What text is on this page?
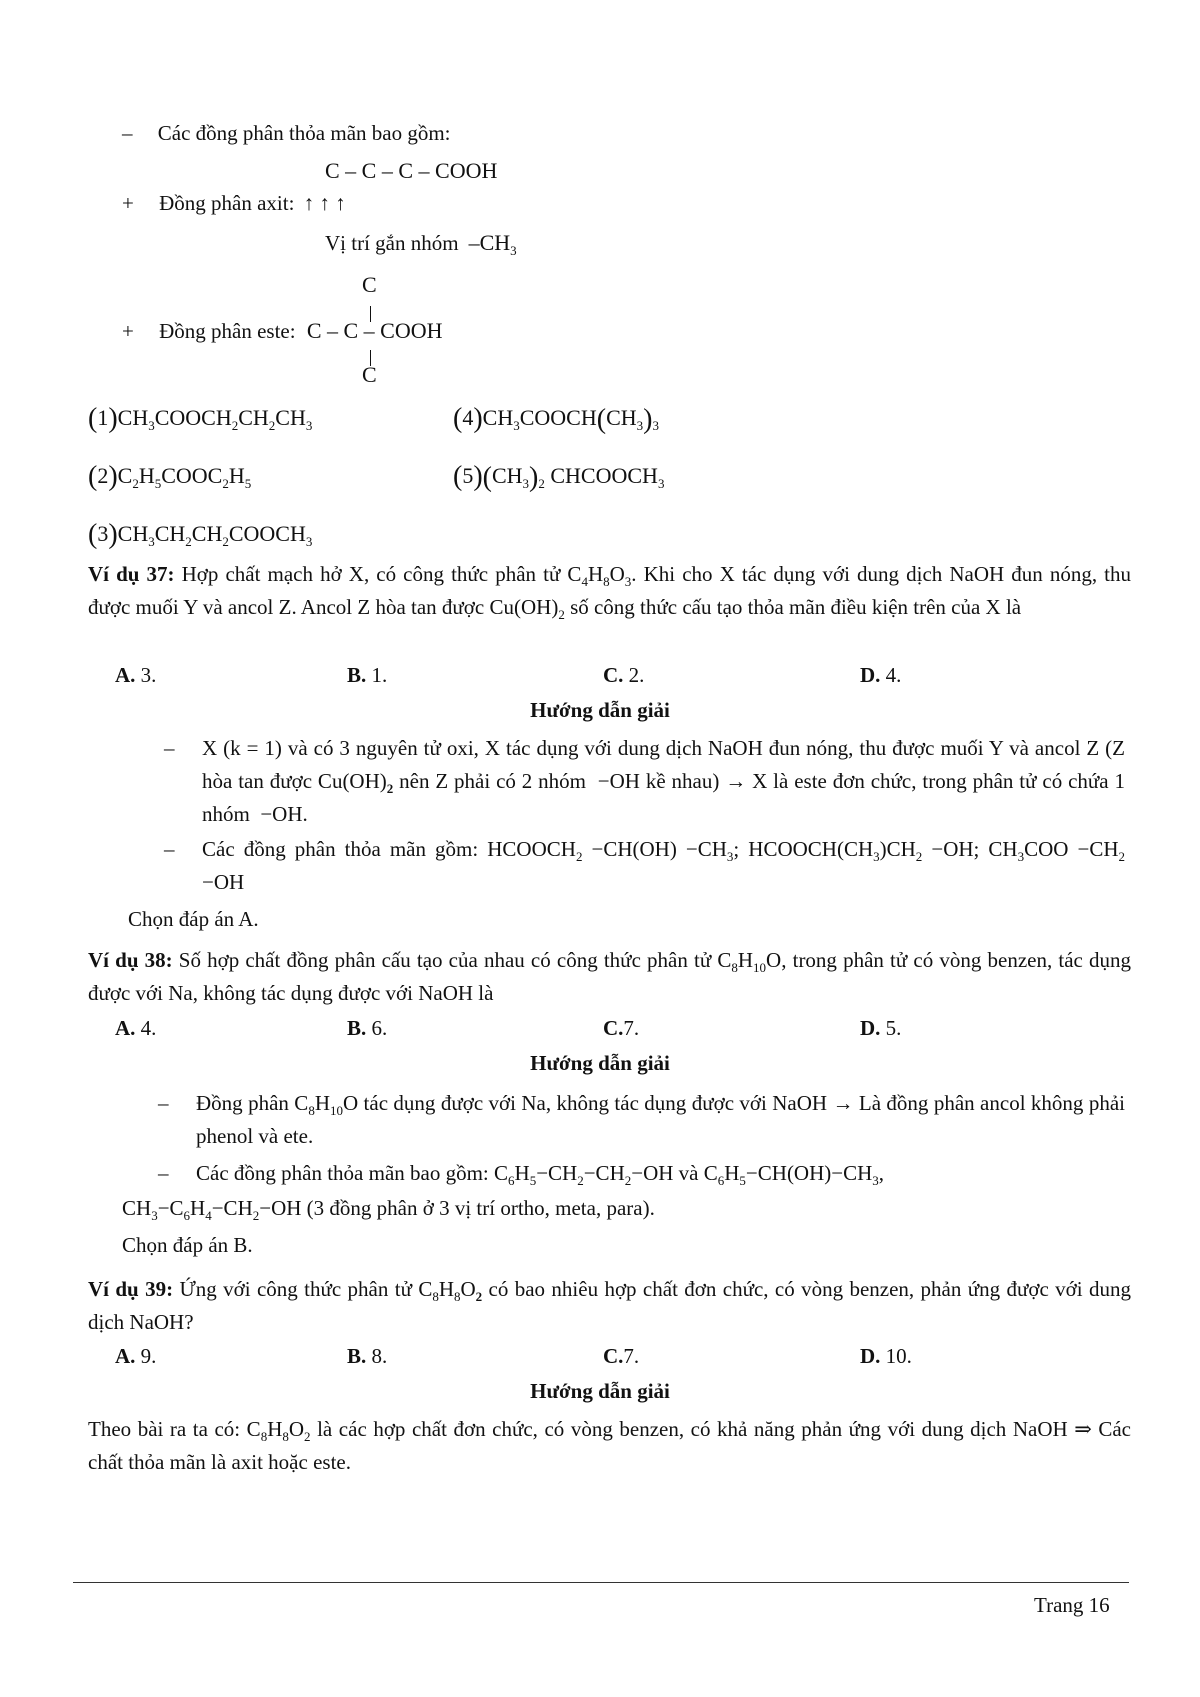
– Các đồng phân thỏa mãn bao gồm:
C – C – C – COOH
+ Đồng phân axit: ↑ ↑ ↑
Vị trí gắn nhóm $-CH_3$
C
+ Đồng phân este: C – C – COOH
C
$(1)CH_3COOCH_2CH_2CH_3$	$(4)CH_3COOCH(CH_3)_3$
$(2)C_2H_5COOC_2H_5$	$(5)(CH_3)_2$ $CHCOOCH_3$
$(3)CH_3CH_2CH_2COOCH_3$
Ví dụ 37: Hợp chất mạch hở X, có công thức phân tử $C_4H_8O_3$. Khi cho X tác dụng với dung dịch NaOH đun nóng, thu được muối Y và ancol Z. Ancol Z hòa tan được $Cu(OH)_2$ số công thức cấu tạo thỏa mãn điều kiện trên của X là
A. 3.	B. 1.	C. 2.	D. 4.
Hướng dẫn giải
– X (k = 1) và có 3 nguyên tử oxi, X tác dụng với dung dịch NaOH đun nóng, thu được muối Y và ancol Z (Z hòa tan được $Cu(OH)_2$ nên Z phải có 2 nhóm  −OH kề nhau) → X là este đơn chức, trong phân tử có chứa 1 nhóm  −OH.
– Các đồng phân thỏa mãn gồm: $HCOOCH_2 -CH(OH) -CH_3$; $HCOOCH(CH_3)CH_2 -OH$; $CH_3COO -CH_2 -OH$
Chọn đáp án A.
Ví dụ 38: Số hợp chất đồng phân cấu tạo của nhau có công thức phân tử $C_8H_{10}O$, trong phân tử có vòng benzen, tác dụng được với Na, không tác dụng được với NaOH là
A. 4.	B. 6.	C.7.	D. 5.
Hướng dẫn giải
– Đồng phân $C_8H_{10}O$ tác dụng được với Na, không tác dụng được với NaOH → Là đồng phân ancol không phải phenol và ete.
– Các đồng phân thỏa mãn bao gồm: $C_6H_5-CH_2-CH_2-OH$ và $C_6H_5-CH(OH)-CH_3$,
$CH_3-C_6H_4-CH_2-OH$ (3 đồng phân ở 3 vị trí ortho, meta, para).
Chọn đáp án B.
Ví dụ 39: Ứng với công thức phân tử $C_8H_8O_2$ có bao nhiêu hợp chất đơn chức, có vòng benzen, phản ứng được với dung dịch NaOH?
A. 9.	B. 8.	C.7.	D. 10.
Hướng dẫn giải
Theo bài ra ta có: $C_8H_8O_2$ là các hợp chất đơn chức, có vòng benzen, có khả năng phản ứng với dung dịch NaOH ⇒ Các chất thỏa mãn là axit hoặc este.
Trang 16
